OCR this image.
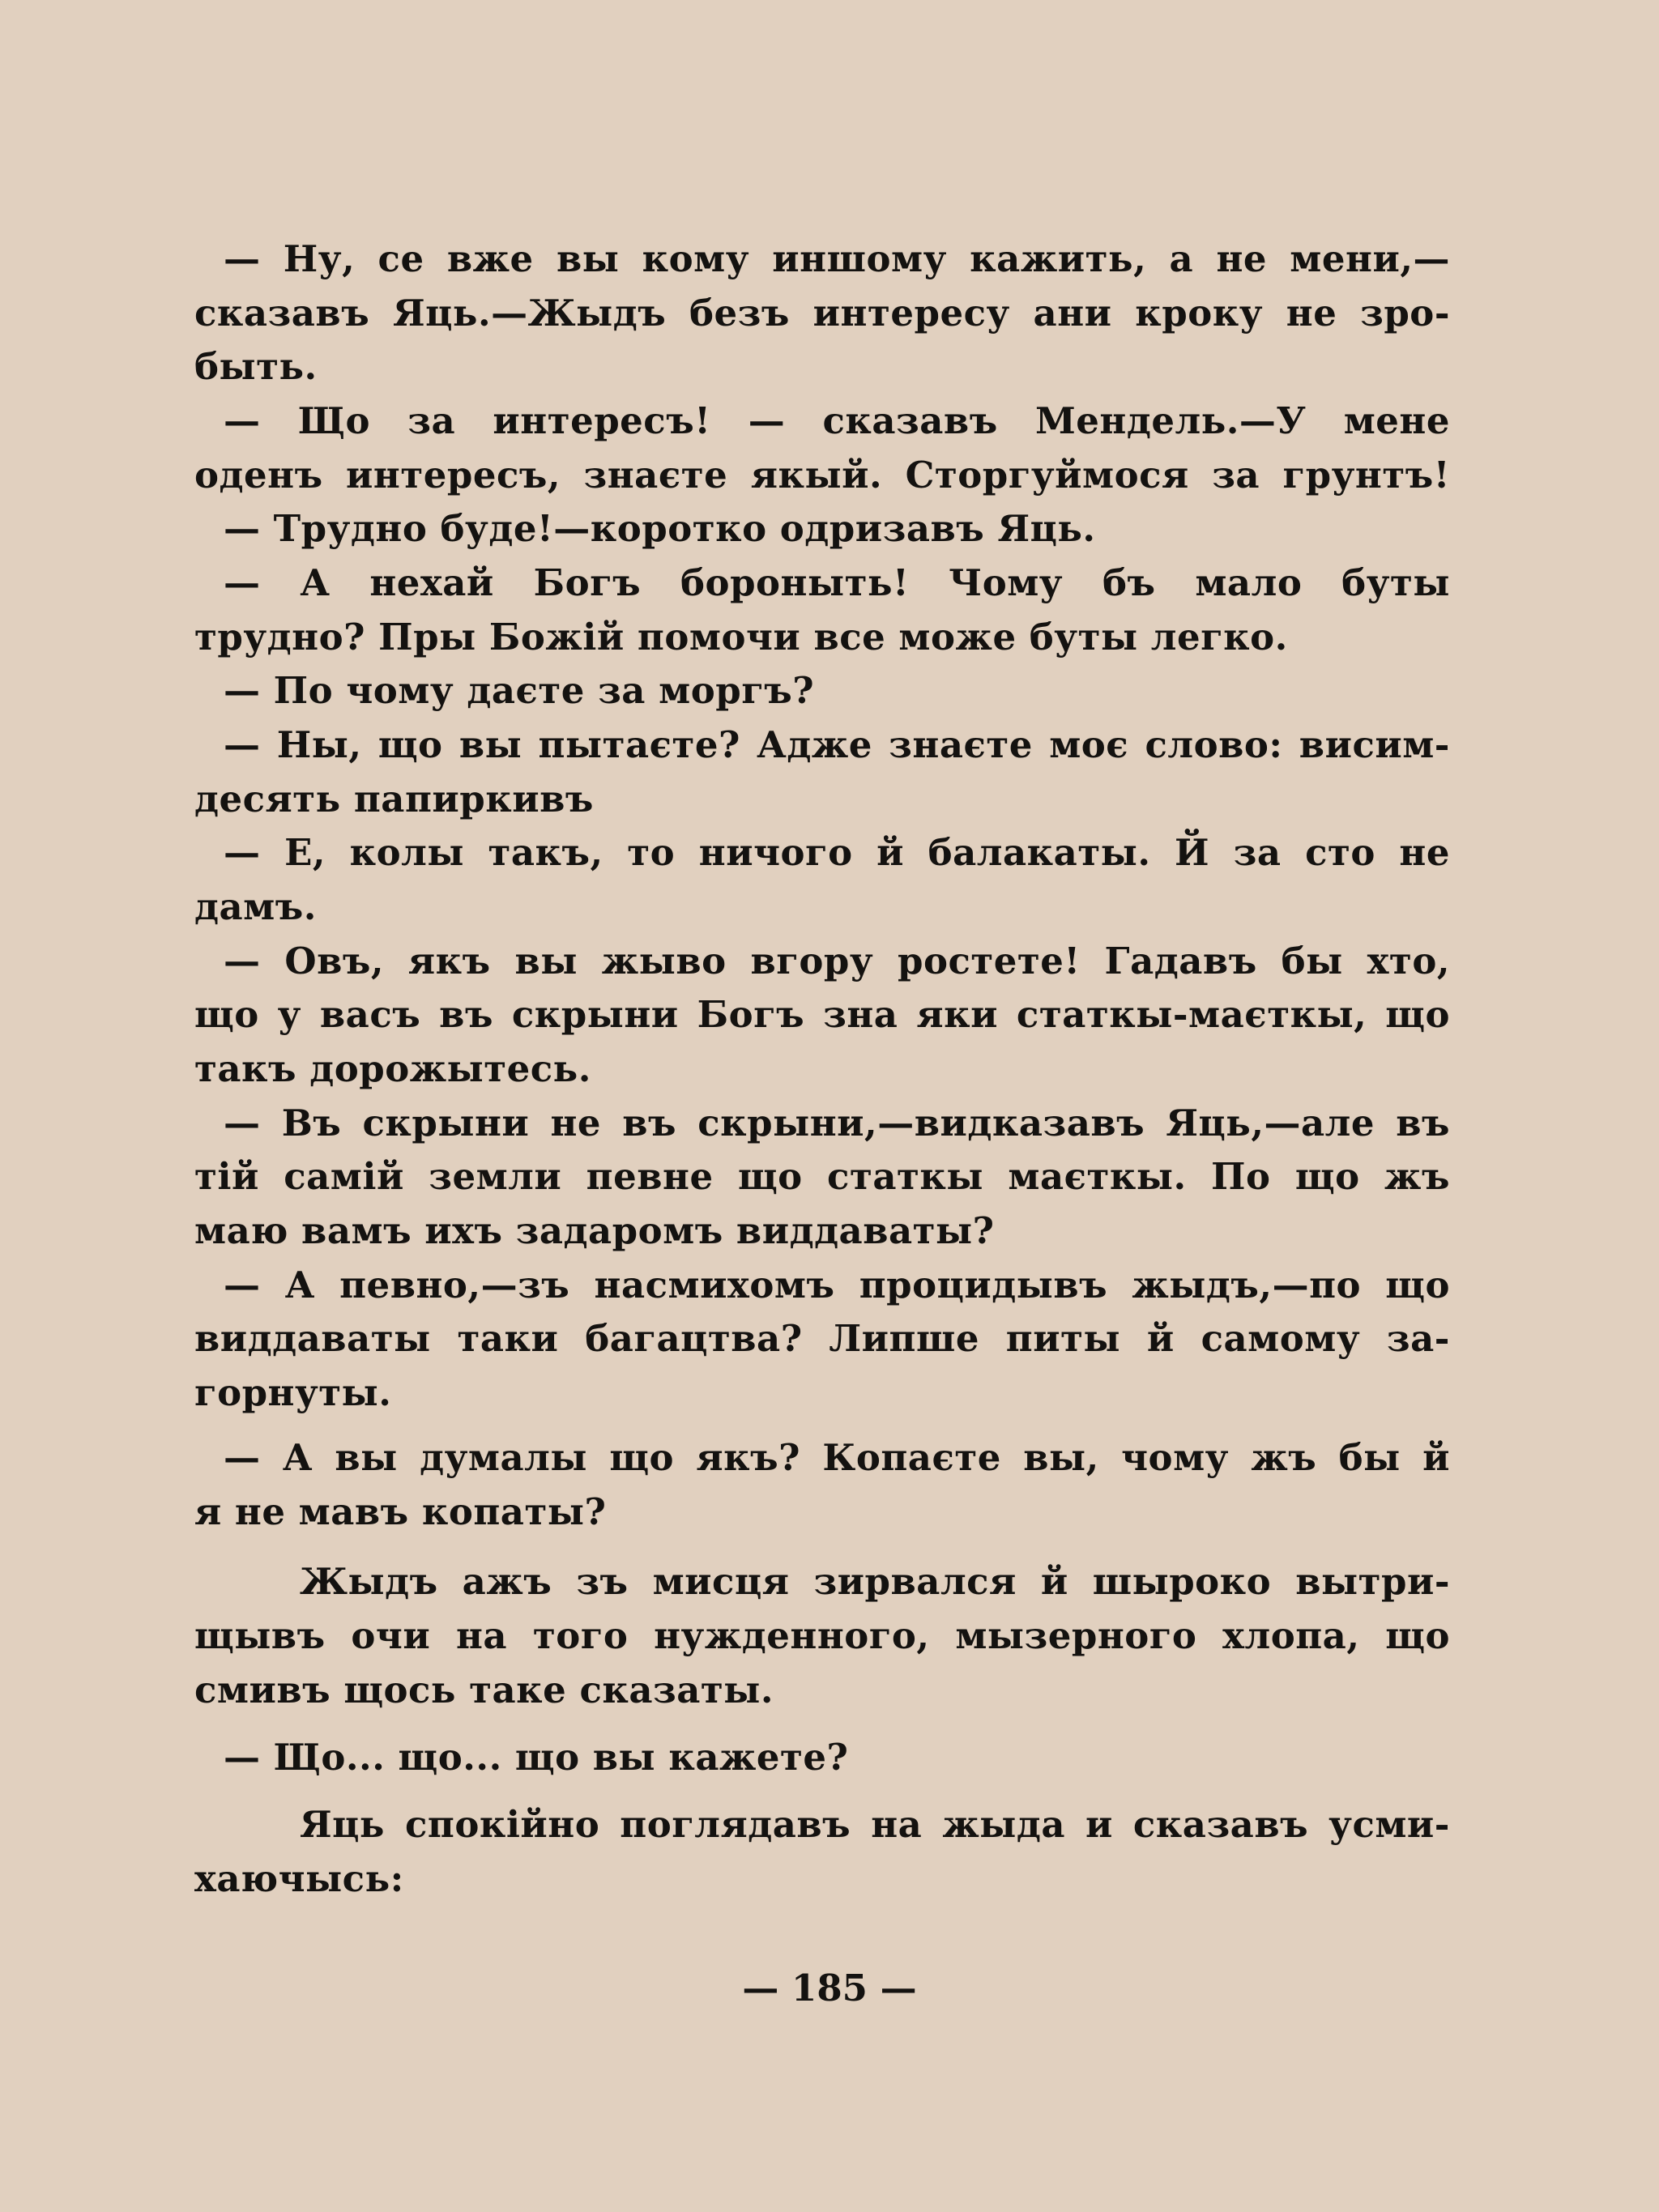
— Ну, се вже вы кому иншому кажить, а не мени,—
сказавъ Яць.—Жыдъ безъ интересу ани кроку не зро-
быть.
— Що за интересъ! — сказавъ Мендель.—У мене
оденъ интересъ, знаєте якый. Сторгуймося за грунтъ!
— Трудно буде!—коротко одризавъ Яць.
— А нехай Богъ бороныть! Чому бъ мало буты
трудно? Пры Божій помочи все може буты легко.
— По чому даєте за моргъ?
— Ны, що вы пытаєте? Адже знаєте моє слово: висим-
десять папиркивъ
— Е, колы такъ, то ничого й балакаты. Й за сто не
дамъ.
— Овъ, якъ вы жыво вгору ростете! Гадавъ бы хто,
що у васъ въ скрыни Богъ зна яки статкы-маєткы, що
такъ дорожытесь.
— Въ скрыни не въ скрыни,—видказавъ Яць,—але въ
тій самій земли певне що статкы маєткы. По що жъ
маю вамъ ихъ задаромъ виддаваты?
— А певно,—зъ насмихомъ процидывъ жыдъ,—по що
виддаваты таки багацтва? Липше питы й самому за-
горнуты.
— А вы думалы що якъ? Копаєте вы, чому жъ бы й
я не мавъ копаты?
Жыдъ ажъ зъ мисця зирвался й шыроко вытри-
щывъ очи на того нужденного, мызерного хлопа, що
смивъ щось таке сказаты.
— Що... що... що вы кажете?
Яць спокійно поглядавъ на жыда и сказавъ усми-
хаючысь:
— 185 —
